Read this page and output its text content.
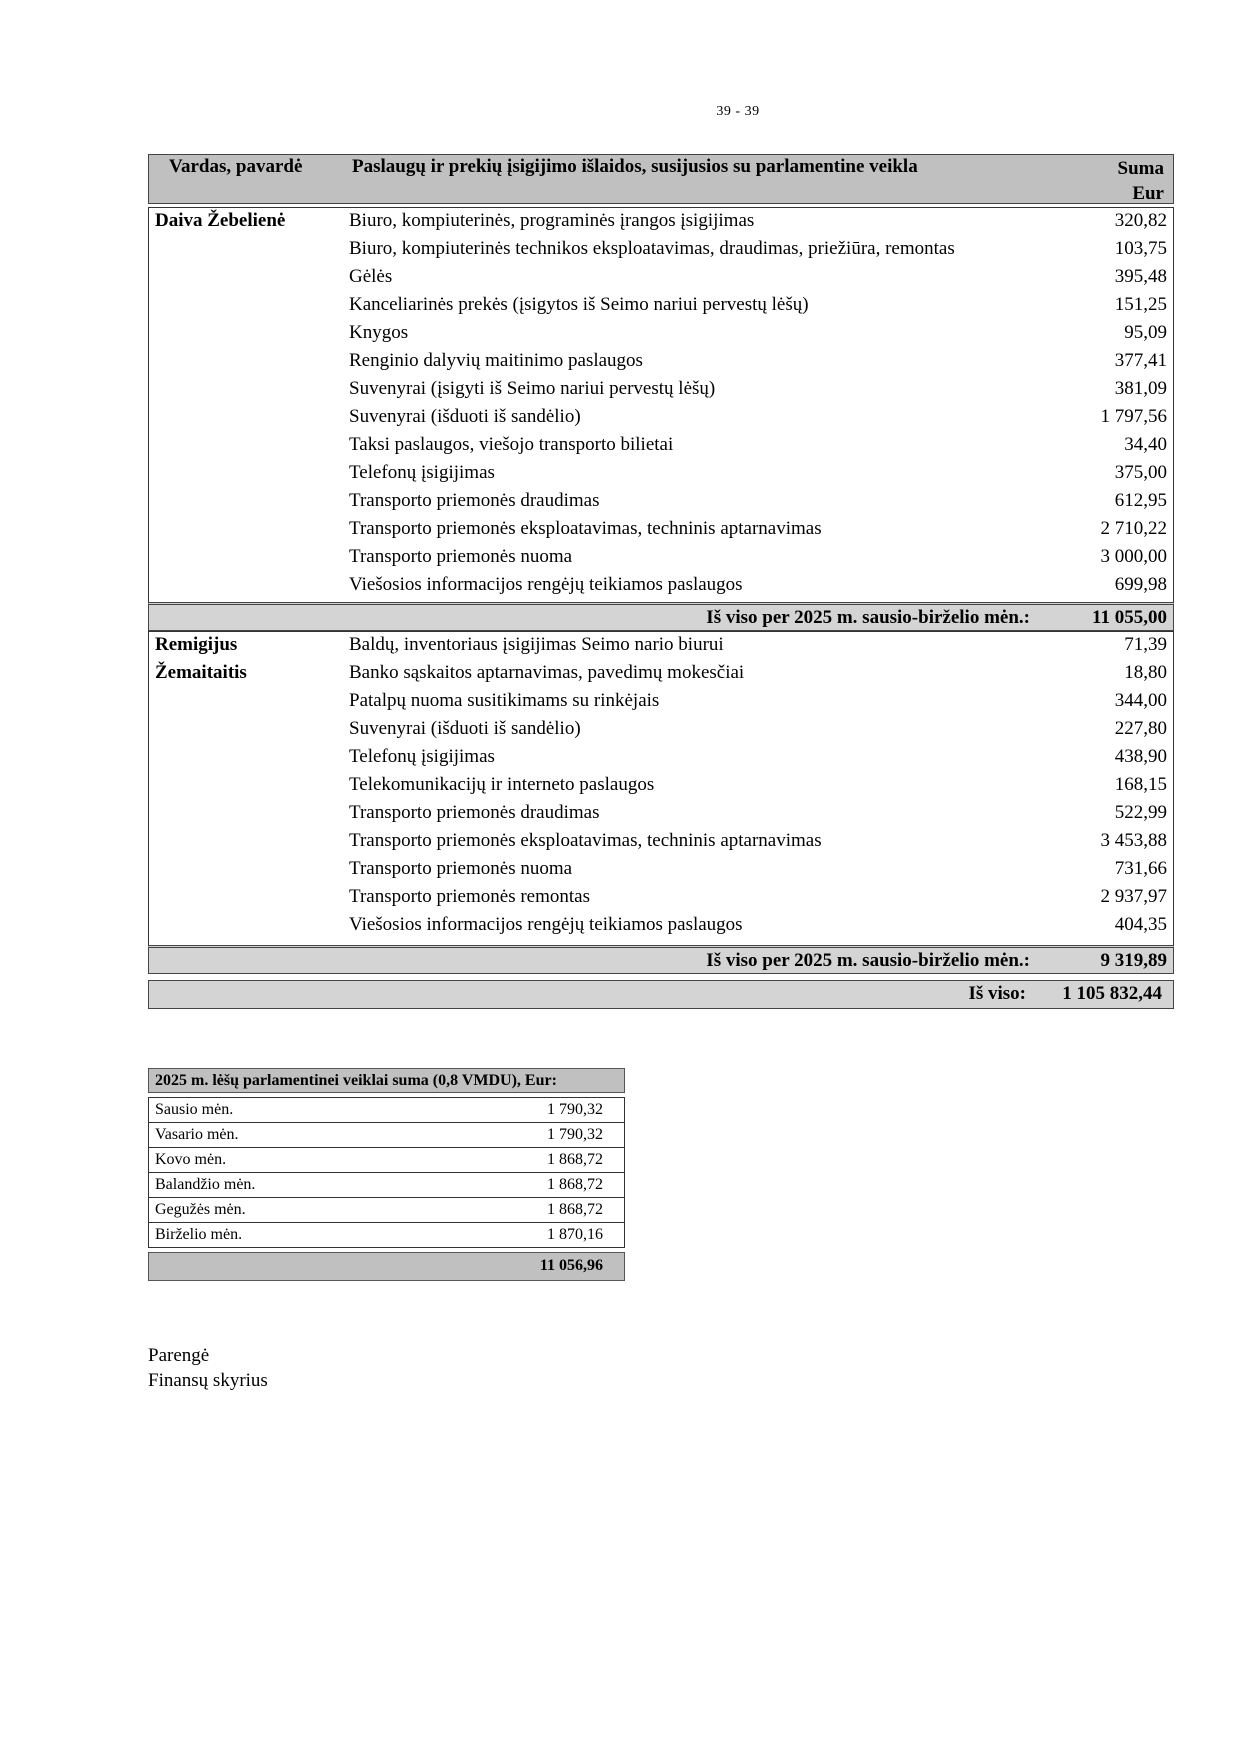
39 - 39
Vardas, pavardė	Paslaugų ir prekių įsigijimo išlaidos, susijusios su parlamentine veikla	Suma
Eur
Daiva Žebelienė	Biuro, kompiuterinės, programinės įrangos įsigijimas	320,82
Biuro, kompiuterinės technikos eksploatavimas, draudimas, priežiūra, remontas	103,75
Gėlės	395,48
Kanceliarinės prekės (įsigytos iš Seimo nariui pervestų lėšų)	151,25
Knygos	95,09
Renginio dalyvių maitinimo paslaugos	377,41
Suvenyrai (įsigyti iš Seimo nariui pervestų lėšų)	381,09
Suvenyrai (išduoti iš sandėlio)	1 797,56
Taksi paslaugos, viešojo transporto bilietai	34,40
Telefonų įsigijimas	375,00
Transporto priemonės draudimas	612,95
Transporto priemonės eksploatavimas, techninis aptarnavimas	2 710,22
Transporto priemonės nuoma	3 000,00
Viešosios informacijos rengėjų teikiamos paslaugos	699,98
Iš viso per 2025 m. sausio-birželio mėn.:	11 055,00
Remigijus	Baldų, inventoriaus įsigijimas Seimo nario biurui	71,39
Žemaitaitis	Banko sąskaitos aptarnavimas, pavedimų mokesčiai	18,80
Patalpų nuoma susitikimams su rinkėjais	344,00
Suvenyrai (išduoti iš sandėlio)	227,80
Telefonų įsigijimas	438,90
Telekomunikacijų ir interneto paslaugos	168,15
Transporto priemonės draudimas	522,99
Transporto priemonės eksploatavimas, techninis aptarnavimas	3 453,88
Transporto priemonės nuoma	731,66
Transporto priemonės remontas	2 937,97
Viešosios informacijos rengėjų teikiamos paslaugos	404,35
Iš viso per 2025 m. sausio-birželio mėn.:	9 319,89
Iš viso: 1 105 832,44
2025 m. lėšų parlamentinei veiklai suma (0,8 VMDU), Eur:
Sausio mėn.	1 790,32
Vasario mėn.	1 790,32
Kovo mėn.	1 868,72
Balandžio mėn.	1 868,72
Gegužės mėn.	1 868,72
Birželio mėn.	1 870,16
11 056,96
Parengė
Finansų skyrius
